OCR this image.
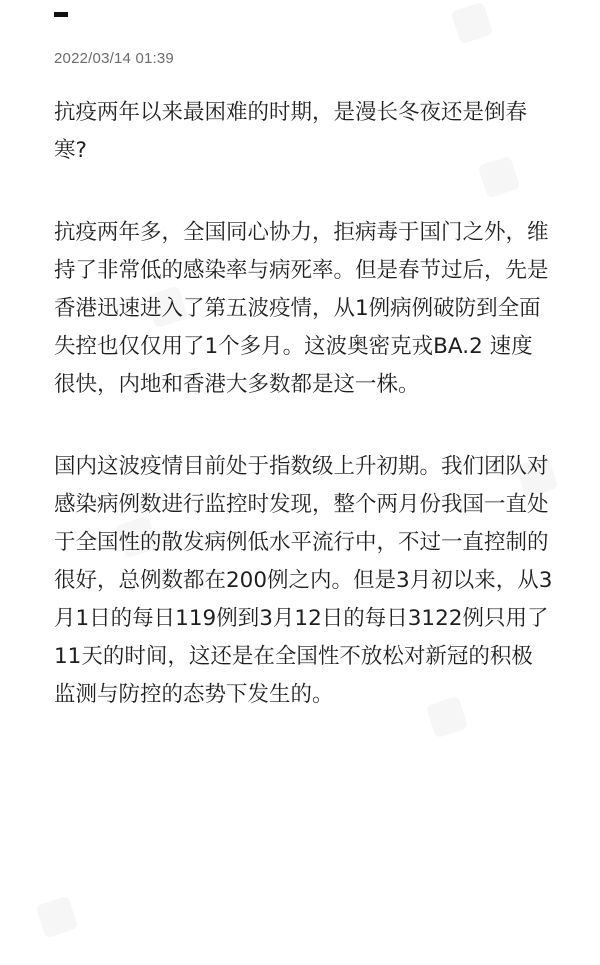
2022/03/14 01:39

抗疫两年以来最困难的时期，是漫长冬夜还是倒春寒?

抗疫两年多，全国同心协力，拒病毒于国门之外，维持了非常低的感染率与病死率。但是春节过后，先是香港迅速进入了第五波疫情，从1例病例破防到全面失控也仅仅用了1个多月。这波奥密克戎BA.2 速度很快，内地和香港大多数都是这一株。

国内这波疫情目前处于指数级上升初期。我们团队对感染病例数进行监控时发现，整个两月份我国一直处于全国性的散发病例低水平流行中，不过一直控制的很好，总例数都在200例之内。但是3月初以来，从3月1日的每日119例到3月12日的每日3122例只用了11天的时间，这还是在全国性不放松对新冠的积极监测与防控的态势下发生的。
